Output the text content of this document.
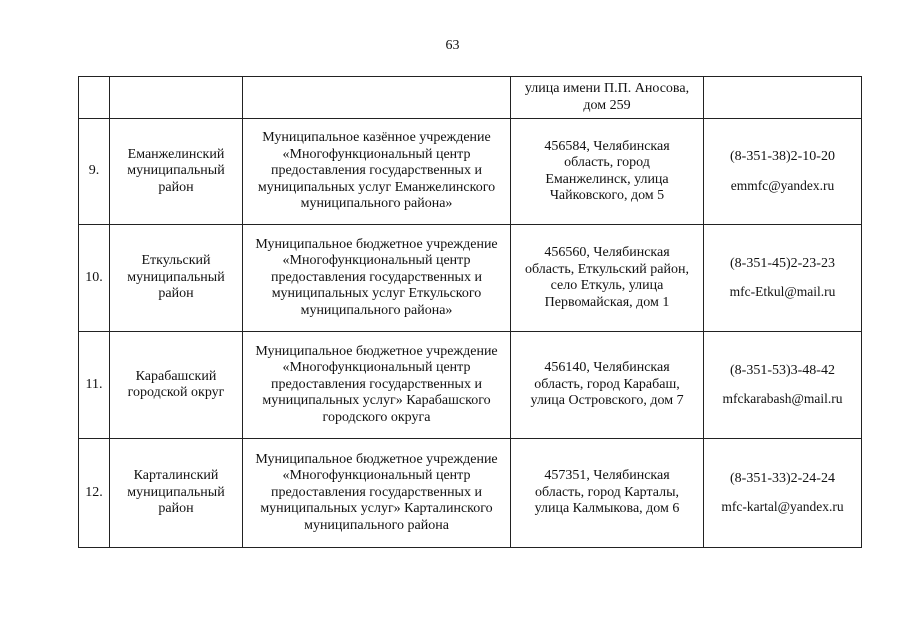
63

			улица имени П.П. Аносова,
дом 259	

9.	Еманжелинский
муниципальный
район	Муниципальное казённое учреждение
«Многофункциональный центр
предоставления государственных и
муниципальных услуг Еманжелинского
муниципального района»	456584, Челябинская
область, город
Еманжелинск, улица
Чайковского, дом 5	(8-351-38)2-10-20
emmfc@yandex.ru

10.	Еткульский
муниципальный
район	Муниципальное бюджетное учреждение
«Многофункциональный центр
предоставления государственных и
муниципальных услуг Еткульского
муниципального района»	456560, Челябинская
область, Еткульский район,
село Еткуль, улица
Первомайская, дом 1	(8-351-45)2-23-23
mfc-Etkul@mail.ru

11.	Карабашский
городской округ	Муниципальное бюджетное учреждение
«Многофункциональный центр
предоставления государственных и
муниципальных услуг» Карабашского
городского округа	456140, Челябинская
область, город Карабаш,
улица Островского, дом 7	(8-351-53)3-48-42
mfckarabash@mail.ru

12.	Карталинский
муниципальный
район	Муниципальное бюджетное учреждение
«Многофункциональный центр
предоставления государственных и
муниципальных услуг» Карталинского
муниципального района	457351, Челябинская
область, город Карталы,
улица Калмыкова, дом 6	(8-351-33)2-24-24
mfc-kartal@yandex.ru
